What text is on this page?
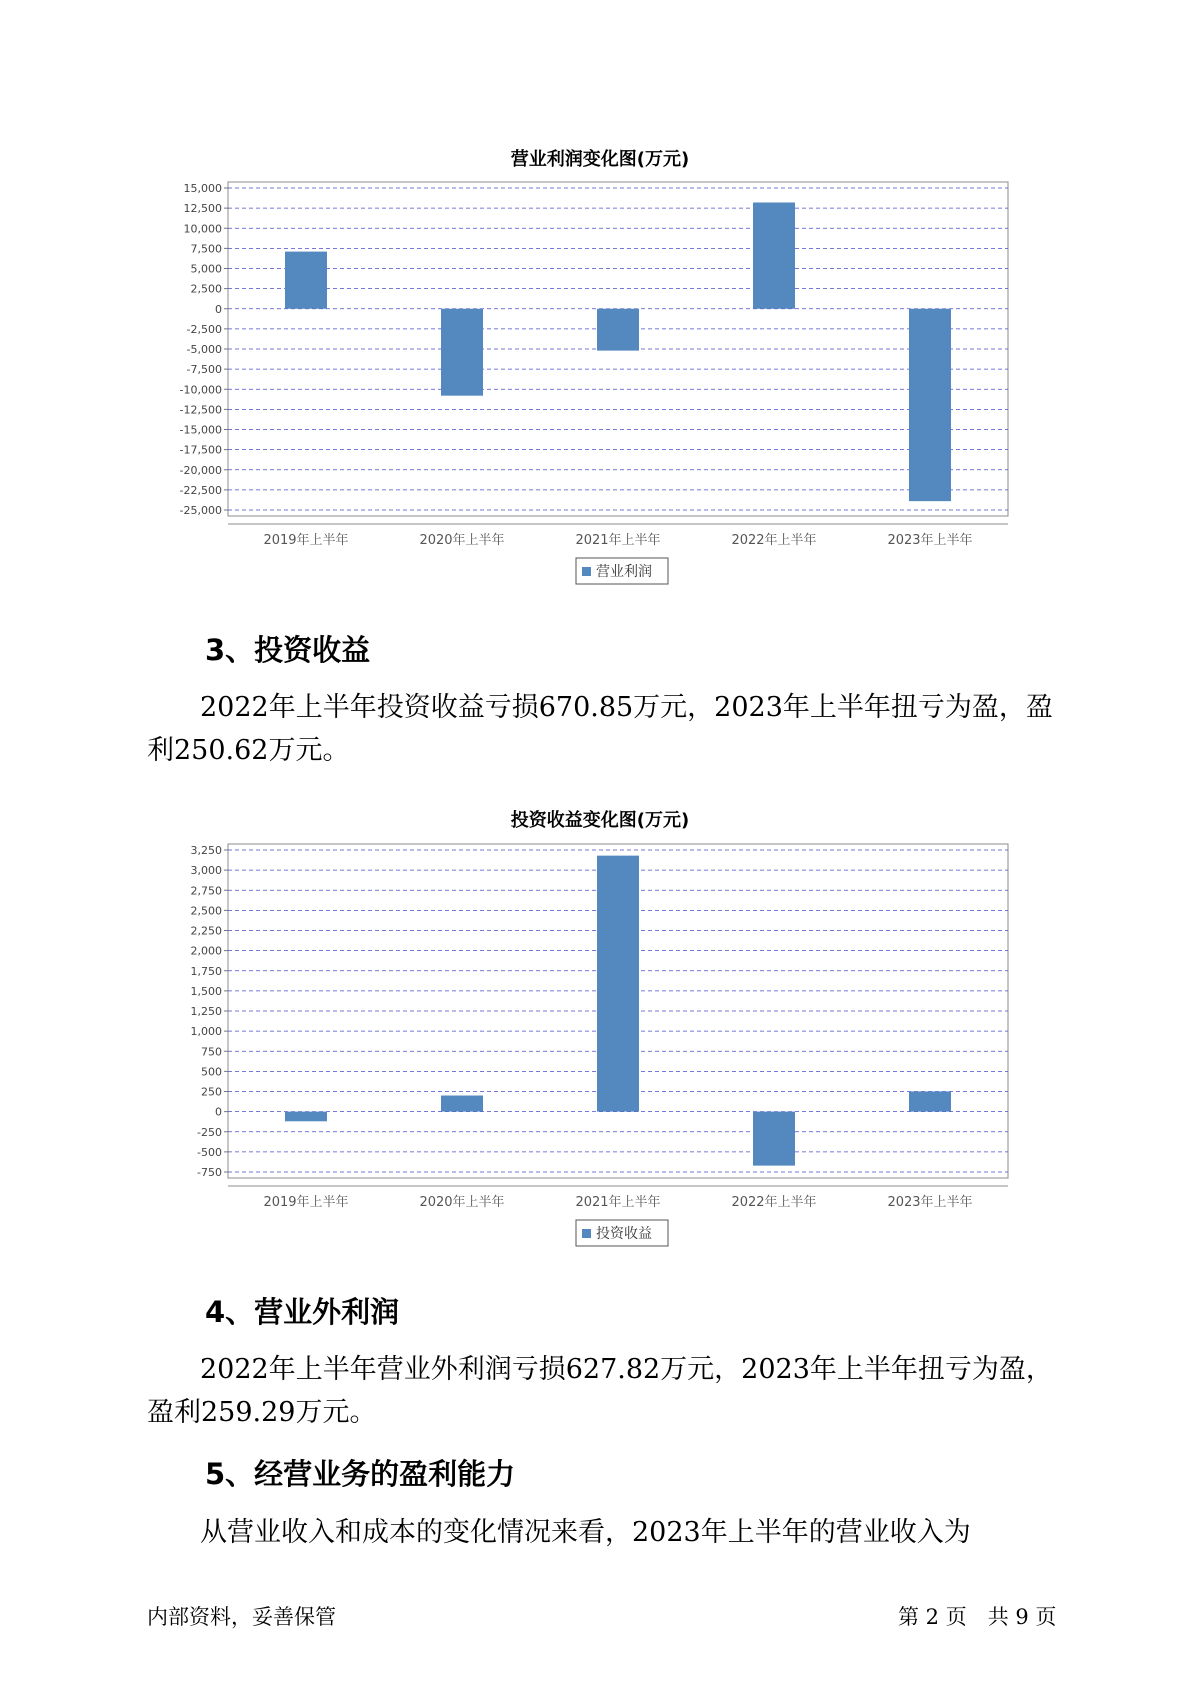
营业利润变化图(万元)
15,000
12,500
10,000
7,500
5,000
2,500
0
-2,500
-5,000
-7,500
-10,000
-12,500
-15,000
-17,500
-20,000
-22,500
-25,000
2019年上半年	2020年上半年	2021年上半年	2022年上半年	2023年上半年
营业利润
3、投资收益
2022年上半年投资收益亏损670.85万元，2023年上半年扭亏为盈，盈
利250.62万元。
投资收益变化图(万元)
3,250
3,000
2,750
2,500
2,250
2,000
1,750
1,500
1,250
1,000
750
500
250
0
-250
-500
-750
2019年上半年	2020年上半年	2021年上半年	2022年上半年	2023年上半年
投资收益
4、营业外利润
2022年上半年营业外利润亏损627.82万元，2023年上半年扭亏为盈，
盈利259.29万元。
5、经营业务的盈利能力
从营业收入和成本的变化情况来看，2023年上半年的营业收入为
内部资料，妥善保管	第 2 页　共 9 页
